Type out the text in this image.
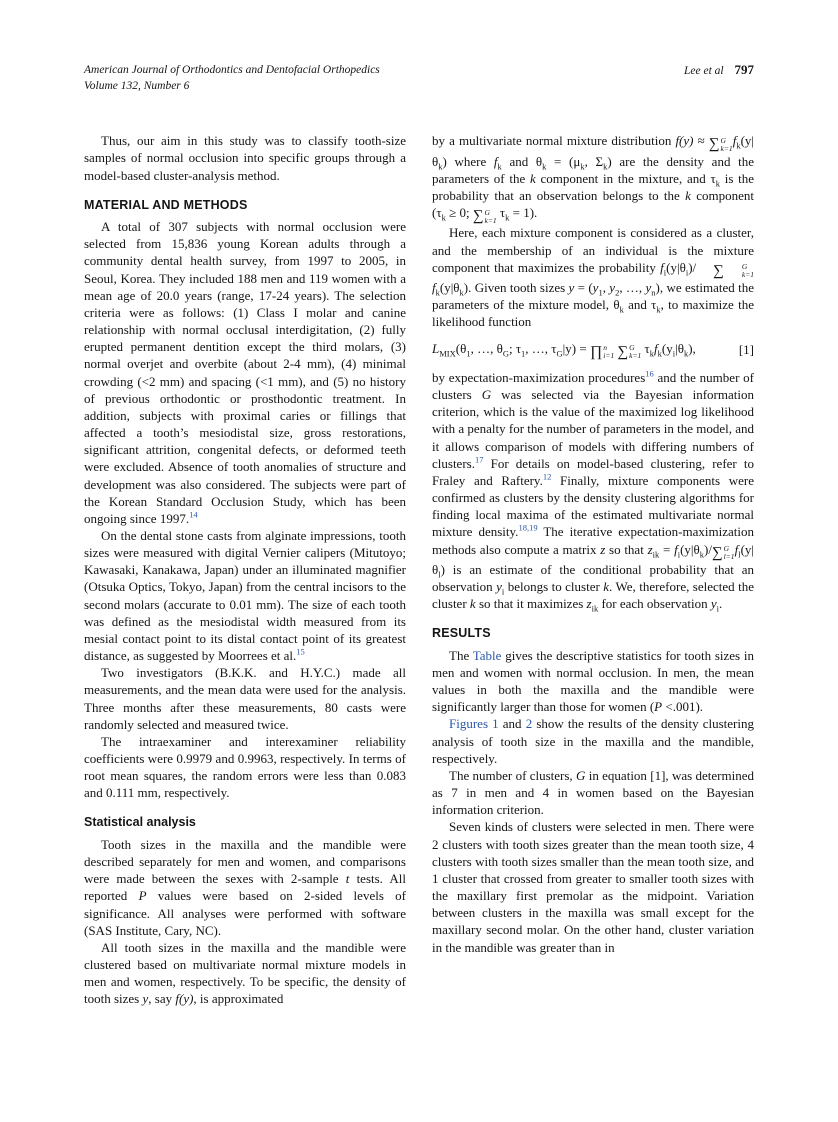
American Journal of Orthodontics and Dentofacial Orthopedics
Volume 132, Number 6
Lee et al 797

Thus, our aim in this study was to classify tooth-size samples of normal occlusion into specific groups through a model-based cluster-analysis method.

MATERIAL AND METHODS

A total of 307 subjects with normal occlusion were selected from 15,836 young Korean adults through a community dental health survey, from 1997 to 2005, in Seoul, Korea. They included 188 men and 119 women with a mean age of 20.0 years (range, 17-24 years). The selection criteria were as follows: (1) Class I molar and canine relationship with normal occlusal interdigitation, (2) fully erupted permanent dentition except the third molars, (3) normal overjet and overbite (about 2-4 mm), (4) minimal crowding (<2 mm) and spacing (<1 mm), and (5) no history of previous orthodontic or prosthodontic treatment. In addition, subjects with proximal caries or fillings that affected a tooth’s mesiodistal size, gross restorations, significant attrition, congenital defects, or deformed teeth were excluded. Absence of tooth anomalies of structure and development was also considered. The subjects were part of the Korean Standard Occlusion Study, which has been ongoing since 1997.14

On the dental stone casts from alginate impressions, tooth sizes were measured with digital Vernier calipers (Mitutoyo; Kawasaki, Kanakawa, Japan) under an illuminated magnifier (Otsuka Optics, Tokyo, Japan) from the central incisors to the second molars (accurate to 0.01 mm). The size of each tooth was defined as the mesiodistal width measured from its mesial contact point to its distal contact point of its greatest distance, as suggested by Moorrees et al.$^{15}$

Two investigators (B.K.K. and H.Y.C.) made all measurements, and the mean data were used for the analysis. Three months after these measurements, 80 casts were randomly selected and measured twice.

The intraexaminer and interexaminer reliability coefficients were 0.9979 and 0.9963, respectively. In terms of root mean squares, the random errors were less than 0.083 and 0.111 mm, respectively.

Statistical analysis

Tooth sizes in the maxilla and the mandible were described separately for men and women, and comparisons were made between the sexes with 2-sample t tests. All reported P values were based on 2-sided levels of significance. All analyses were performed with software (SAS Institute, Cary, NC).

All tooth sizes in the maxilla and the mandible were clustered based on multivariate normal mixture models in men and women, respectively. To be specific, the density of tooth sizes y, say f(y), is approximated

by a multivariate normal mixture distribution f(y) ≈ ∑ G
k=1 $f_k(y|\theta_k)$ where $f_k$ and $\theta_k = (\mu_k$, $\Sigma_k$) are the density and the parameters of the k component in the mixture, and $\tau_k$ is the probability that an observation belongs to the k component ($\tau_k \ge 0$; ∑ G
k=1 $\tau_k = 1$).

Here, each mixture component is considered as a cluster, and the membership of an individual is the mixture component that maximizes the probability $f_i(y|\theta_i)/$	∑	G
k=1
$f_k(y|\theta_k)$. Given tooth sizes $y = (y_1$, $y_2$, …, $y_n$), we estimated the parameters of the mixture model, $\theta_k$ and $\tau_k$, to maximize the likelihood function

$L_{MIX}(\theta_1$, …, $\theta_G$; $\tau_1$, …, $\tau_G|y$) = ∏ n
i=1
∑ G
k=1 $\tau_kf_k(y_i|\theta_k)$,	[1]

by expectation-maximization procedures$^{16}$ and the number of clusters G was selected via the Bayesian information criterion, which is the value of the maximized log likelihood with a penalty for the number of parameters in the model, and it allows comparison of models with differing numbers of clusters.$^{17}$ For details on model-based clustering, refer to Fraley and Raftery.$^{12}$ Finally, mixture components were confirmed as clusters by the density clustering algorithms for finding local maxima of the estimated multivariate normal mixture density.$^{18,19}$ The iterative expectation-maximization methods also compute a matrix z so that $z_{ik} = f_i(y|\theta_k)/$ ∑ G
l=1 $f_l(y|\theta_l)$ is an estimate of the conditional probability that an observation $y_i$ belongs to cluster k. We, therefore, selected the cluster k so that it maximizes $z_{ik}$ for each observation $y_i$.

RESULTS

The Table gives the descriptive statistics for tooth sizes in men and women with normal occlusion. In men, the mean values in both the maxilla and the mandible were significantly larger than those for women (P <.001).

Figures 1 and 2 show the results of the density clustering analysis of tooth size in the maxilla and the mandible, respectively.

The number of clusters, G in equation [1], was determined as 7 in men and 4 in women based on the Bayesian information criterion.

Seven kinds of clusters were selected in men. There were 2 clusters with tooth sizes greater than the mean tooth size, 4 clusters with tooth sizes smaller than the mean tooth size, and 1 cluster that crossed from greater to smaller tooth sizes with the maxillary first premolar as the midpoint. Variation between clusters in the maxilla was small except for the maxillary second molar. On the other hand, cluster variation in the mandible was greater than in
